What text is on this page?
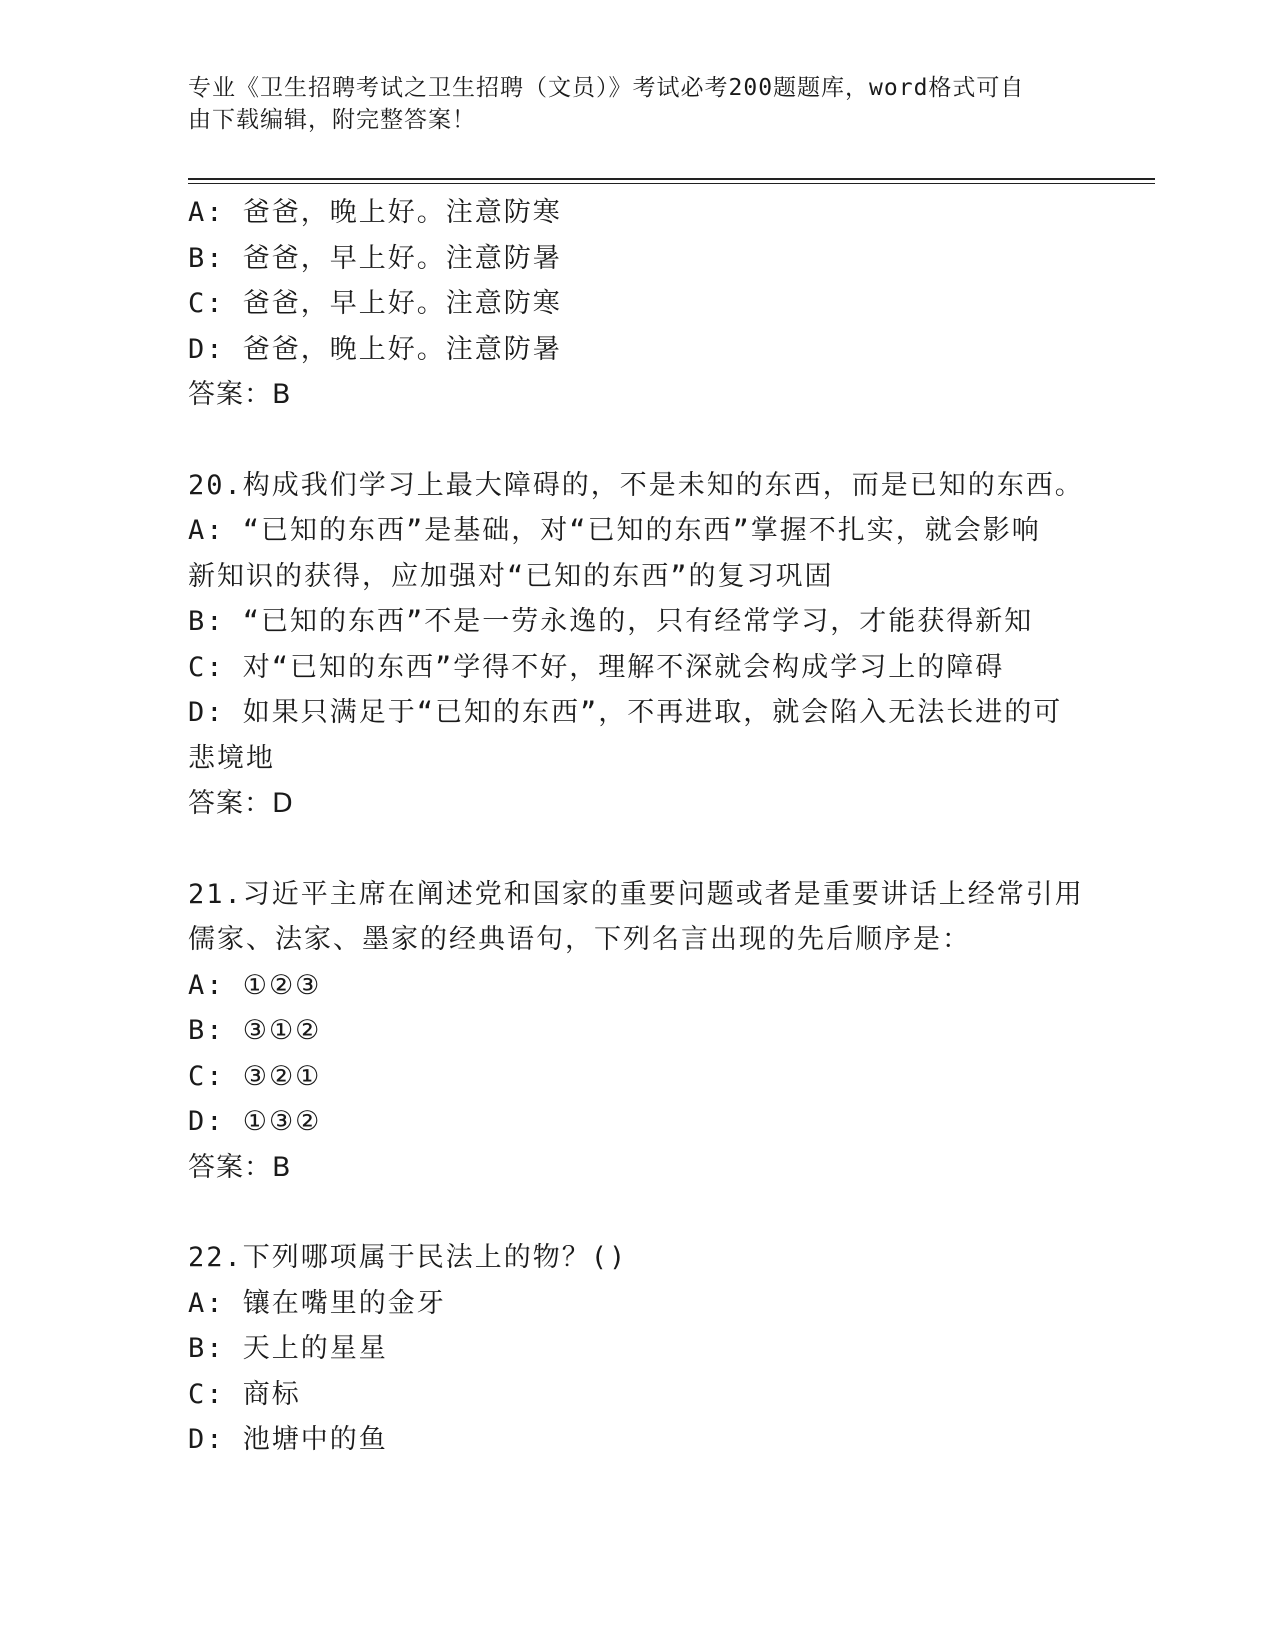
专业《卫生招聘考试之卫生招聘（文员）》考试必考200题题库，word格式可自
由下载编辑，附完整答案！
A: 爸爸，晚上好。注意防寒
B: 爸爸，早上好。注意防暑
C: 爸爸，早上好。注意防寒
D: 爸爸，晚上好。注意防暑
答案：B
20.构成我们学习上最大障碍的，不是未知的东西，而是已知的东西。
A: “已知的东西”是基础，对“已知的东西”掌握不扎实，就会影响
新知识的获得，应加强对“已知的东西”的复习巩固
B: “已知的东西”不是一劳永逸的，只有经常学习，才能获得新知
C: 对“已知的东西”学得不好，理解不深就会构成学习上的障碍
D: 如果只满足于“已知的东西”，不再进取，就会陷入无法长进的可
悲境地
答案：D
21.习近平主席在阐述党和国家的重要问题或者是重要讲话上经常引用
儒家、法家、墨家的经典语句，下列名言出现的先后顺序是：
A: ①②③
B: ③①②
C: ③②①
D: ①③②
答案：B
22.下列哪项属于民法上的物？()
A: 镶在嘴里的金牙
B: 天上的星星
C: 商标
D: 池塘中的鱼
